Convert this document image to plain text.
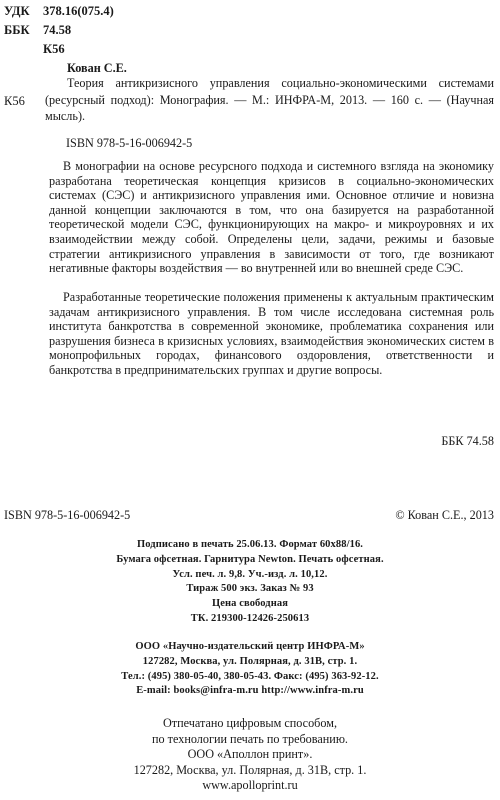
УДК 378.16(075.4)
ББК 74.58
К56
Кован С.Е.
Теория антикризисного управления социально-экономическими системами (ресурсный подход): Монография. — М.: ИНФРА-М, 2013. — 160 с. — (Научная мысль).
К56
ISBN 978-5-16-006942-5
В монографии на основе ресурсного подхода и системного взгляда на экономику разработана теоретическая концепция кризисов в социально-экономических системах (СЭС) и антикризисного управления ими. Основное отличие и новизна данной концепции заключаются в том, что она базируется на разработанной теоретической модели СЭС, функционирующих на макро- и микроуровнях и их взаимодействии между собой. Определены цели, задачи, режимы и базовые стратегии антикризисного управления в зависимости от того, где возникают негативные факторы воздействия — во внутренней или во внешней среде СЭС.
Разработанные теоретические положения применены к актуальным практическим задачам антикризисного управления. В том числе исследована системная роль института банкротства в современной экономике, проблематика сохранения или разрушения бизнеса в кризисных условиях, взаимодействия экономических систем в монопрофильных городах, финансового оздоровления, ответственности и банкротства в предпринимательских группах и другие вопросы.
ББК 74.58
ISBN 978-5-16-006942-5	© Кован С.Е., 2013
Подписано в печать 25.06.13. Формат 60х88/16.
Бумага офсетная. Гарнитура Newton. Печать офсетная.
Усл. печ. л. 9,8. Уч.-изд. л. 10,12.
Тираж 500 экз. Заказ № 93
Цена свободная
ТК. 219300-12426-250613
ООО «Научно-издательский центр ИНФРА-М»
127282, Москва, ул. Полярная, д. 31В, стр. 1.
Тел.: (495) 380-05-40, 380-05-43. Факс: (495) 363-92-12.
E-mail: books@infra-m.ru http://www.infra-m.ru
Отпечатано цифровым способом,
по технологии печать по требованию.
ООО «Аполлон принт».
127282, Москва, ул. Полярная, д. 31В, стр. 1.
www.apolloprint.ru
